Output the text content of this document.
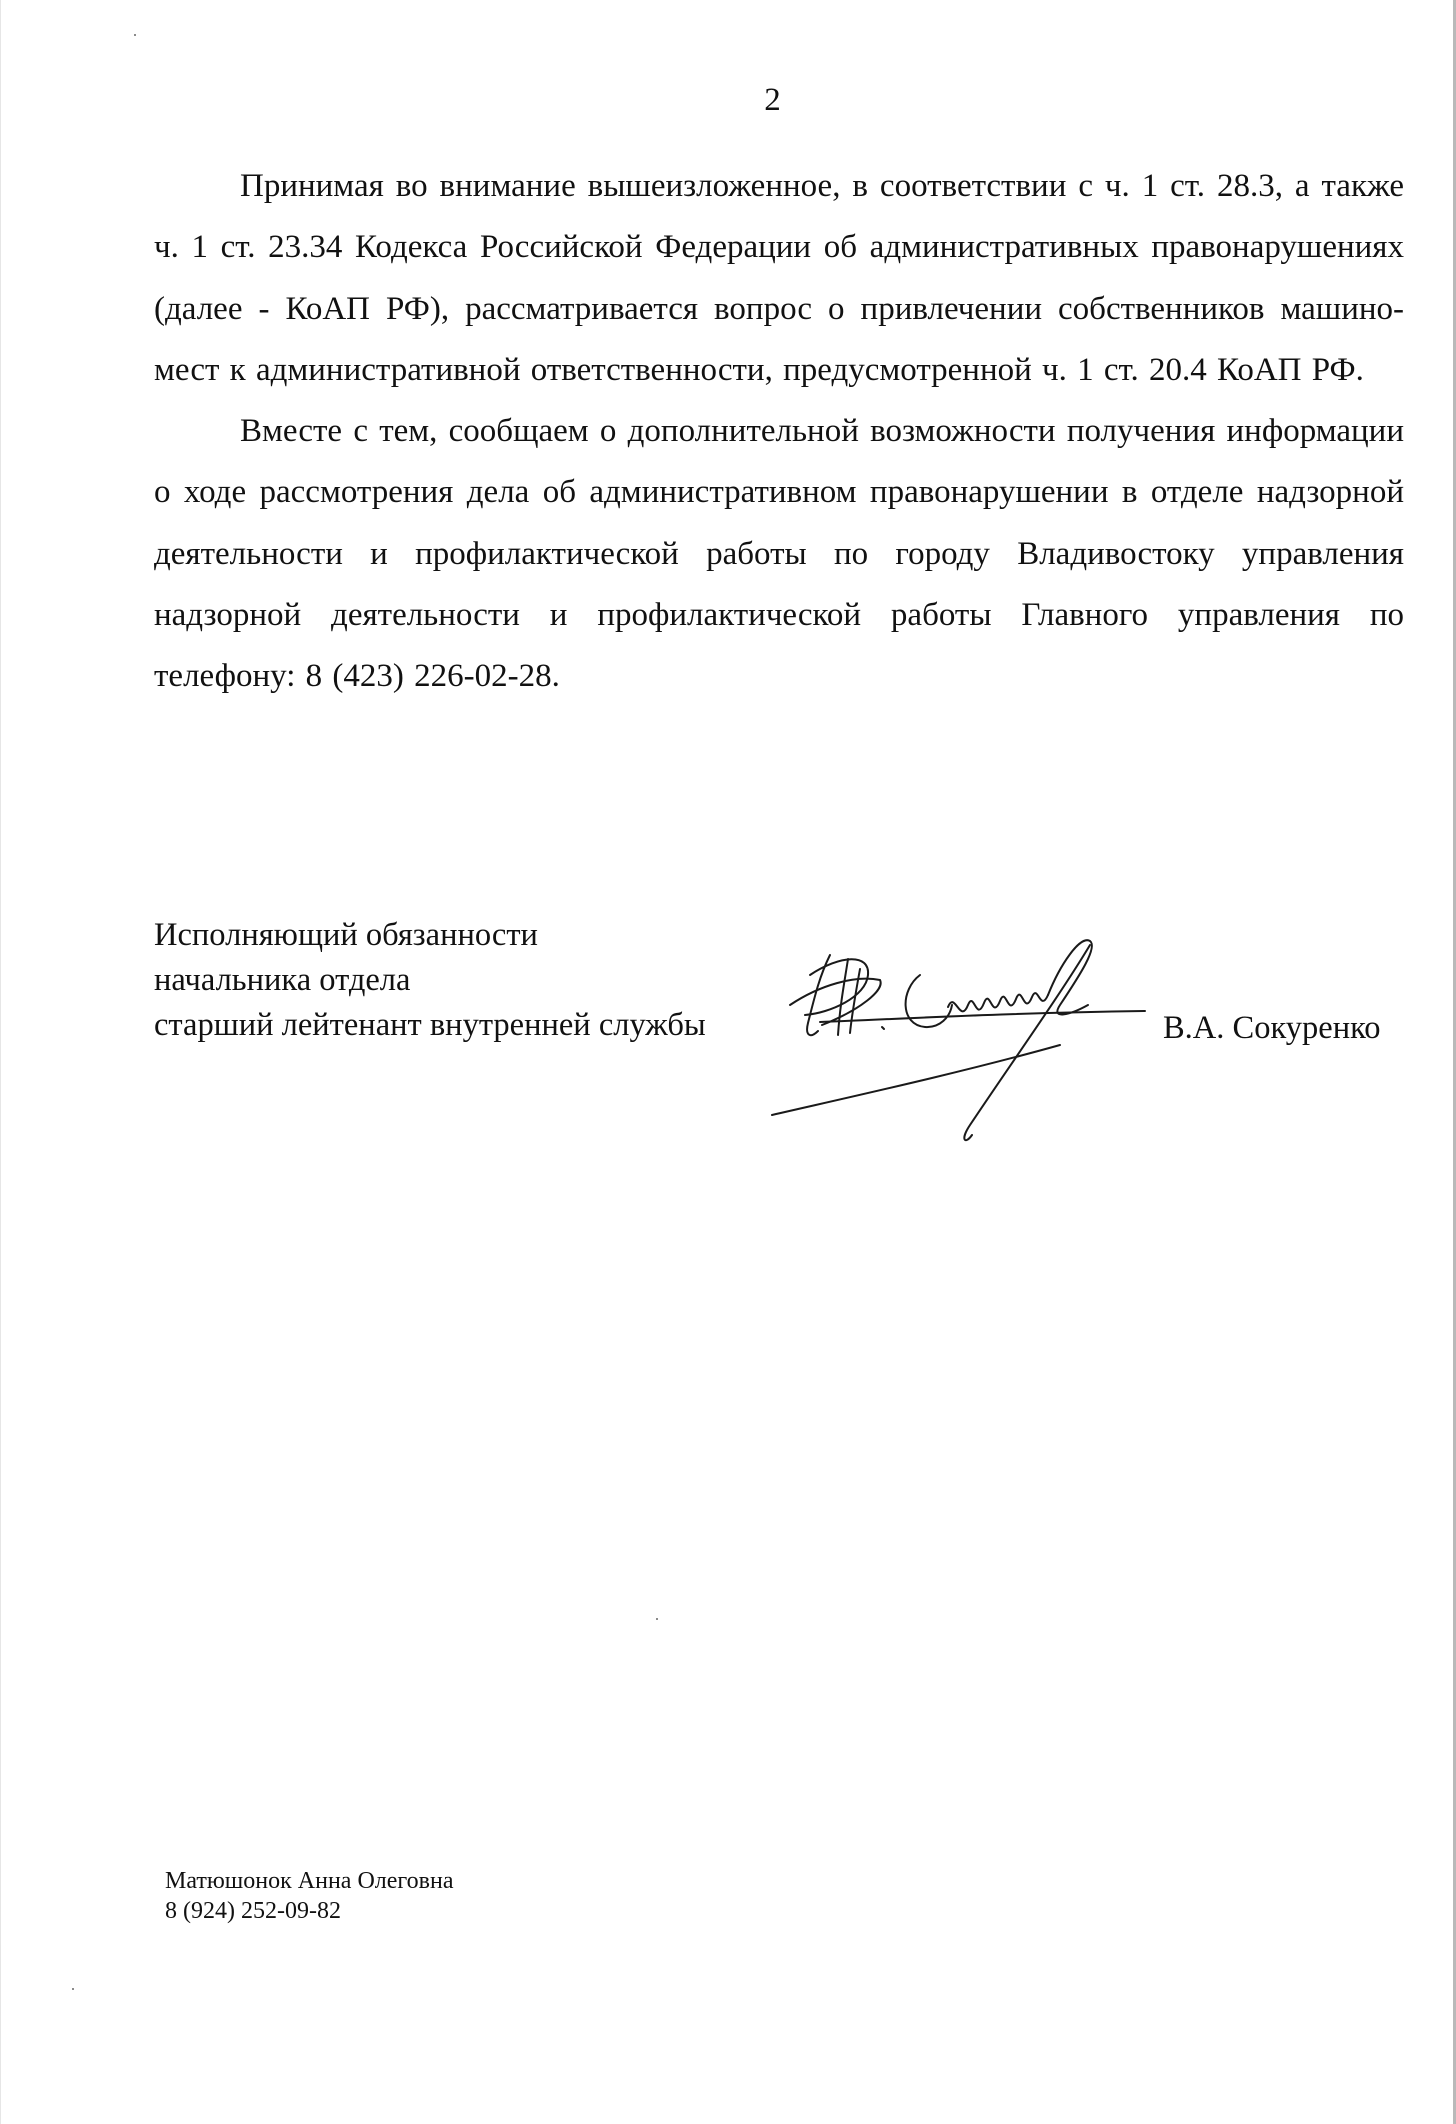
2

Принимая во внимание вышеизложенное, в соответствии с ч. 1 ст. 28.3, а также ч. 1 ст. 23.34 Кодекса Российской Федерации об административных правонарушениях (далее - КоАП РФ), рассматривается вопрос о привлечении собственников машино-мест к административной ответственности, предусмотренной ч. 1 ст. 20.4 КоАП РФ.

Вместе с тем, сообщаем о дополнительной возможности получения информации о ходе рассмотрения дела об административном правонарушении в отделе надзорной деятельности и профилактической работы по городу Владивостоку управления надзорной деятельности и профилактической работы Главного управления по телефону: 8 (423) 226-02-28.

Исполняющий обязанности
начальника отдела
старший лейтенант внутренней службы	В.А. Сокуренко
Матюшонок Анна Олеговна
8 (924) 252-09-82
